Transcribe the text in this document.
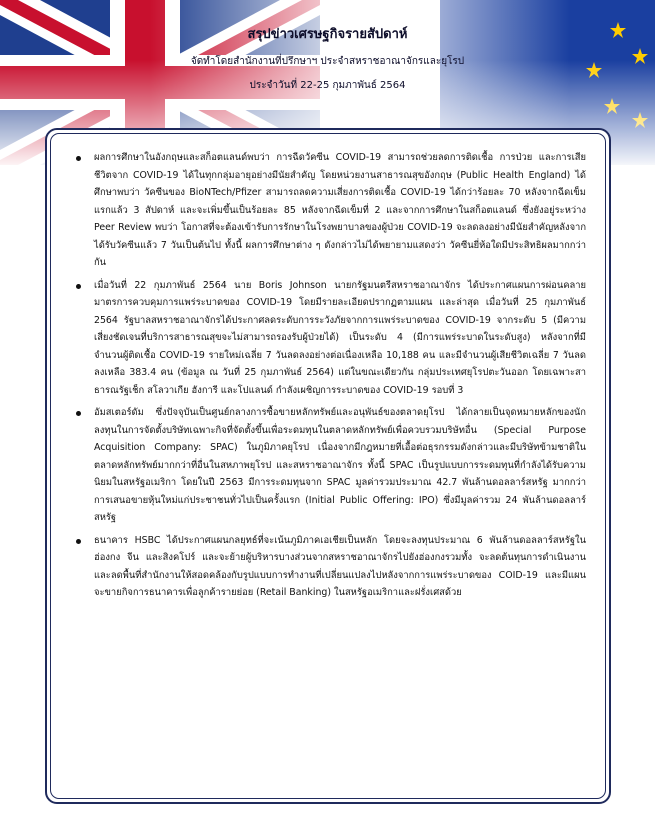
สรุปข่าวเศรษฐกิจรายสัปดาห์

จัดทำโดยสำนักงานที่ปรึกษาฯ ประจำสหราชอาณาจักรและยุโรป

ประจำวันที่ 22-25 กุมภาพันธ์ 2564

ผลการศึกษาในอังกฤษและสก็อตแลนด์พบว่า การฉีดวัคซีน COVID-19 สามารถช่วยลดการติดเชื้อ การป่วย และการเสียชีวิตจาก COVID-19 ได้ในทุกกลุ่มอายุอย่างมีนัยสำคัญ โดยหน่วยงานสาธารณสุขอังกฤษ (Public Health England) ได้ศึกษาพบว่า วัคซีนของ BioNTech/Pfizer สามารถลดความเสี่ยงการติดเชื้อ COVID-19 ได้กว่าร้อยละ 70 หลังจากฉีดเข็มแรกแล้ว 3 สัปดาห์ และจะเพิ่มขึ้นเป็นร้อยละ 85 หลังจากฉีดเข็มที่ 2 และจากการศึกษาในสก็อตแลนด์ ซึ่งยังอยู่ระหว่าง Peer Review พบว่า โอกาสที่จะต้องเข้ารับการรักษาในโรงพยาบาลของผู้ป่วย COVID-19 จะลดลงอย่างมีนัยสำคัญหลังจากได้รับวัคซีนแล้ว 7 วันเป็นต้นไป ทั้งนี้ ผลการศึกษาต่าง ๆ ดังกล่าวไม่ได้พยายามแสดงว่า วัคซีนยี่ห้อใดมีประสิทธิผลมากกว่ากัน

เมื่อวันที่ 22 กุมภาพันธ์ 2564 นาย Boris Johnson นายกรัฐมนตรีสหราชอาณาจักร ได้ประกาศแผนการผ่อนคลายมาตรการควบคุมการแพร่ระบาดของ COVID-19 โดยมีรายละเอียดปรากฏตามแผน และล่าสุด เมื่อวันที่ 25 กุมภาพันธ์ 2564 รัฐบาลสหราชอาณาจักรได้ประกาศลดระดับการระวังภัยจากการแพร่ระบาดของ COVID-19 จากระดับ 5 (มีความเสี่ยงชัดเจนที่บริการสาธารณสุขจะไม่สามารถรองรับผู้ป่วยได้) เป็นระดับ 4 (มีการแพร่ระบาดในระดับสูง) หลังจากที่มีจำนวนผู้ติดเชื้อ COVID-19 รายใหม่เฉลี่ย 7 วันลดลงอย่างต่อเนื่องเหลือ 10,188 คน และมีจำนวนผู้เสียชีวิตเฉลี่ย 7 วันลดลงเหลือ 383.4 คน (ข้อมูล ณ วันที่ 25 กุมภาพันธ์ 2564) แต่ในขณะเดียวกัน กลุ่มประเทศยุโรปตะวันออก โดยเฉพาะสาธารณรัฐเช็ก สโลวาเกีย ฮังการี และโปแลนด์ กำลังเผชิญการระบาดของ COVID-19 รอบที่ 3

อัมสเตอร์ดัม ซึ่งปัจจุบันเป็นศูนย์กลางการซื้อขายหลักทรัพย์และอนุพันธ์ของตลาดยุโรป ได้กลายเป็นจุดหมายหลักของนักลงทุนในการจัดตั้งบริษัทเฉพาะกิจที่จัดตั้งขึ้นเพื่อระดมทุนในตลาดหลักทรัพย์เพื่อควบรวมบริษัทอื่น (Special Purpose Acquisition Company: SPAC) ในภูมิภาคยุโรป เนื่องจากมีกฎหมายที่เอื้อต่อธุรกรรมดังกล่าวและมีบริษัทข้ามชาติในตลาดหลักทรัพย์มากกว่าที่อื่นในสหภาพยุโรป และสหราชอาณาจักร ทั้งนี้ SPAC เป็นรูปแบบการระดมทุนที่กำลังได้รับความนิยมในสหรัฐอเมริกา โดยในปี 2563 มีการระดมทุนจาก SPAC มูลค่ารวมประมาณ 42.7 พันล้านดอลลาร์สหรัฐ มากกว่าการเสนอขายหุ้นใหม่แก่ประชาชนทั่วไปเป็นครั้งแรก (Initial Public Offering: IPO) ซึ่งมีมูลค่ารวม 24 พันล้านดอลลาร์สหรัฐ

ธนาคาร HSBC ได้ประกาศแผนกลยุทธ์ที่จะเน้นภูมิภาคเอเชียเป็นหลัก โดยจะลงทุนประมาณ 6 พันล้านดอลลาร์สหรัฐในฮ่องกง จีน และสิงคโปร์ และจะย้ายผู้บริหารบางส่วนจากสหราชอาณาจักรไปยังฮ่องกงรวมทั้ง จะลดต้นทุนการดำเนินงานและลดพื้นที่สำนักงานให้สอดคล้องกับรูปแบบการทำงานที่เปลี่ยนแปลงไปหลังจากการแพร่ระบาดของ COID-19 และมีแผนจะขายกิจการธนาคารเพื่อลูกค้ารายย่อย (Retail Banking) ในสหรัฐอเมริกาและฝรั่งเศสด้วย
